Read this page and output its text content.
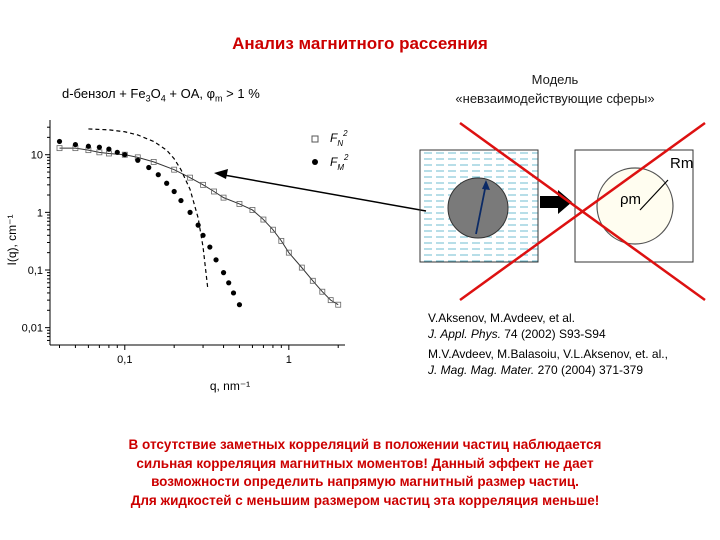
Анализ магнитного рассеяния
d-бензол + $Fe_3O_4$ + OA, $\varphi_m > 1$ %
Модель
«невзаимодействующие сферы»
0,1	1
0,01
0,1
1
10
q, nm⁻¹
I(q), cm⁻¹
$F_N^2$
$F_M^2$	Rm
ρm
V.Aksenov, M.Avdeev, et al.
J. Appl. Phys. 74 (2002) S93-S94
M.V.Avdeev, M.Balasoiu, V.L.Aksenov, et. al.,
J. Mag. Mag. Mater. 270 (2004) 371-379
В отсутствие заметных корреляций в положении частиц наблюдается
сильная корреляция магнитных моментов! Данный эффект не дает
возможности определить напрямую магнитный размер частиц.
Для жидкостей с меньшим размером частиц эта корреляция меньше!
